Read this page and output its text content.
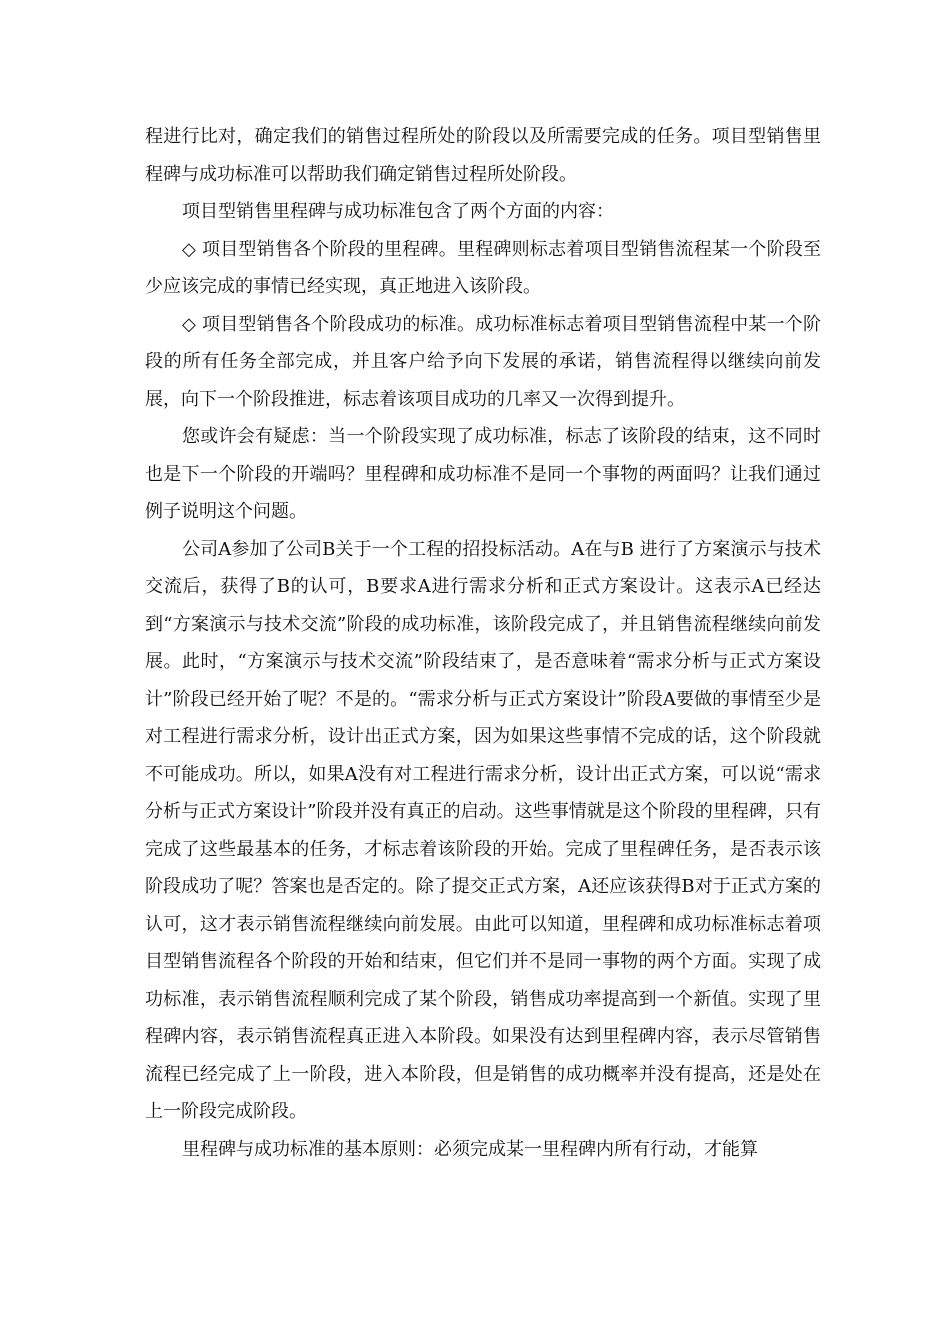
程进行比对，确定我们的销售过程所处的阶段以及所需要完成的任务。项目型销售里程碑与成功标准可以帮助我们确定销售过程所处阶段。

项目型销售里程碑与成功标准包含了两个方面的内容：

◇ 项目型销售各个阶段的里程碑。里程碑则标志着项目型销售流程某一个阶段至少应该完成的事情已经实现，真正地进入该阶段。

◇ 项目型销售各个阶段成功的标准。成功标准标志着项目型销售流程中某一个阶段的所有任务全部完成，并且客户给予向下发展的承诺，销售流程得以继续向前发展，向下一个阶段推进，标志着该项目成功的几率又一次得到提升。

您或许会有疑虑：当一个阶段实现了成功标准，标志了该阶段的结束，这不同时也是下一个阶段的开端吗？里程碑和成功标准不是同一个事物的两面吗？让我们通过例子说明这个问题。

公司A参加了公司B关于一个工程的招投标活动。A在与B 进行了方案演示与技术交流后，获得了B的认可，B要求A进行需求分析和正式方案设计。这表示A已经达到“方案演示与技术交流”阶段的成功标准，该阶段完成了，并且销售流程继续向前发展。此时，“方案演示与技术交流”阶段结束了，是否意味着“需求分析与正式方案设计”阶段已经开始了呢？不是的。“需求分析与正式方案设计”阶段A要做的事情至少是对工程进行需求分析，设计出正式方案，因为如果这些事情不完成的话，这个阶段就不可能成功。所以，如果A没有对工程进行需求分析，设计出正式方案，可以说“需求分析与正式方案设计”阶段并没有真正的启动。这些事情就是这个阶段的里程碑，只有完成了这些最基本的任务，才标志着该阶段的开始。完成了里程碑任务，是否表示该阶段成功了呢？答案也是否定的。除了提交正式方案，A还应该获得B对于正式方案的认可，这才表示销售流程继续向前发展。由此可以知道，里程碑和成功标准标志着项目型销售流程各个阶段的开始和结束，但它们并不是同一事物的两个方面。实现了成功标准，表示销售流程顺利完成了某个阶段，销售成功率提高到一个新值。实现了里程碑内容，表示销售流程真正进入本阶段。如果没有达到里程碑内容，表示尽管销售流程已经完成了上一阶段，进入本阶段，但是销售的成功概率并没有提高，还是处在上一阶段完成阶段。

里程碑与成功标准的基本原则：必须完成某一里程碑内所有行动，才能算
